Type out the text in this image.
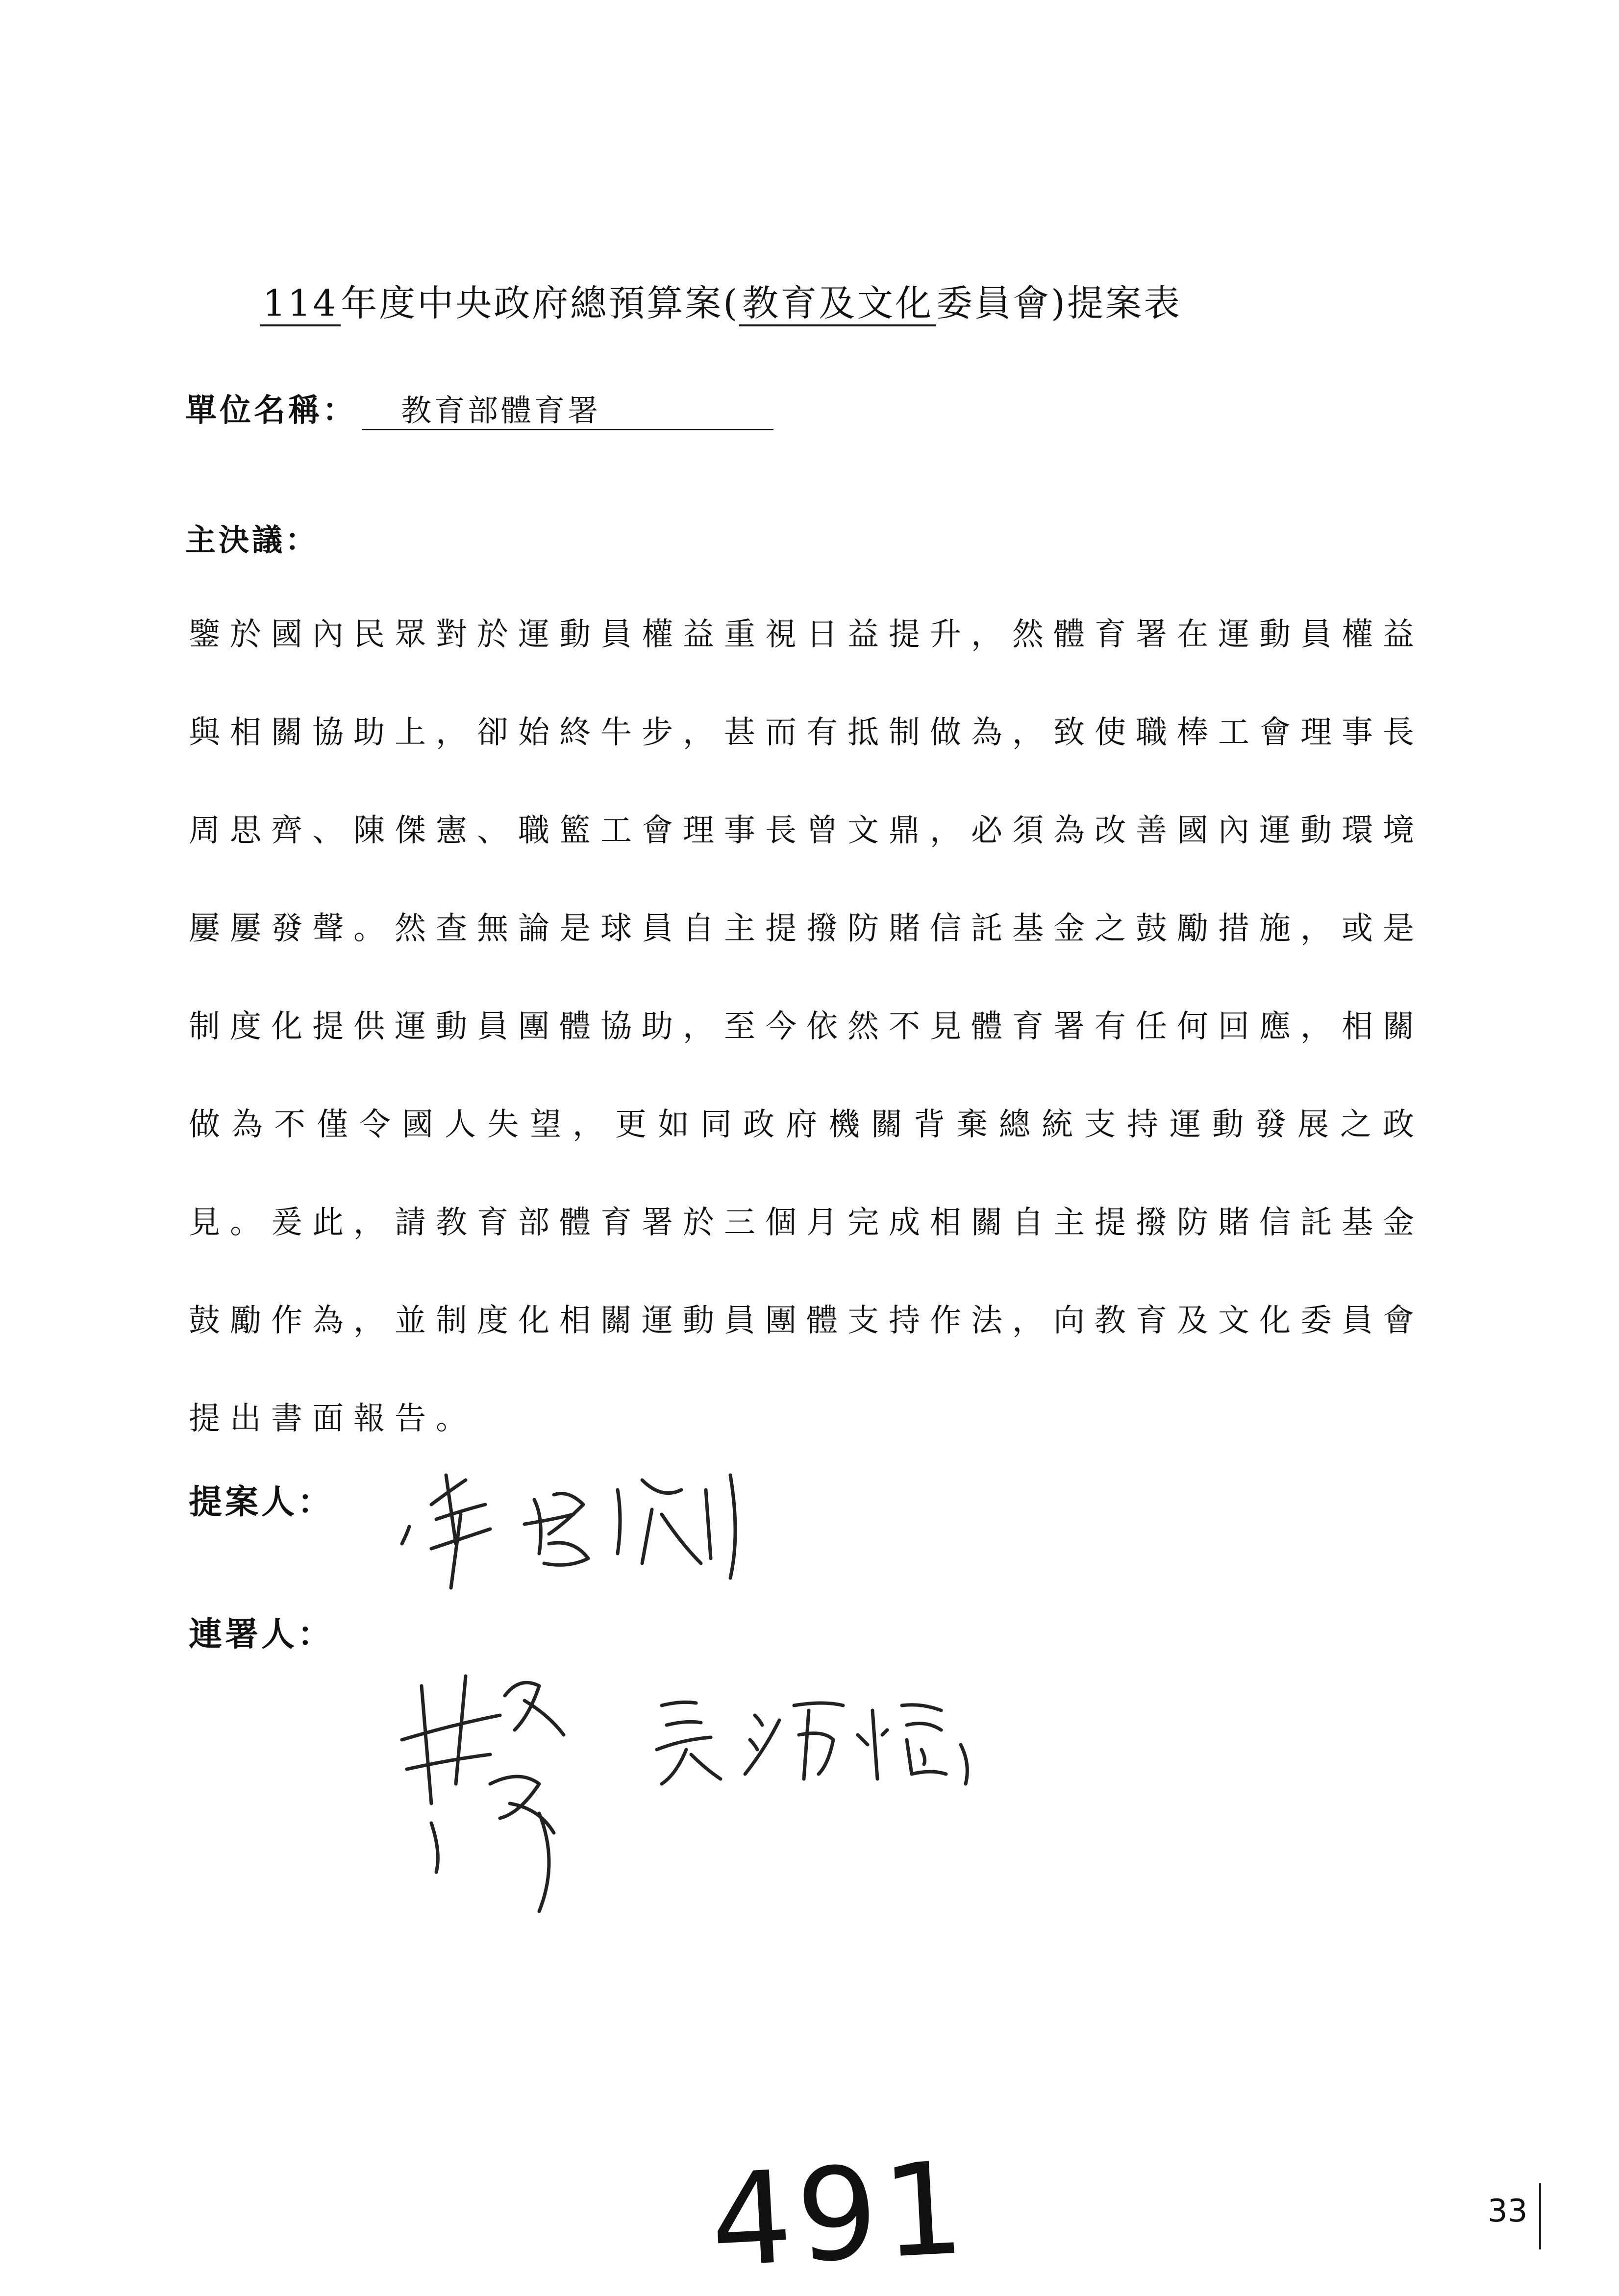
114年度中央政府總預算案(教育及文化委員會)提案表
單位名稱： 教育部體育署
主決議：

鑒於國內民眾對於運動員權益重視日益提升，然體育署在運動員權益與相關協助上，卻始終牛步，甚而有抵制做為，致使職棒工會理事長周思齊、陳傑憲、職籃工會理事長曾文鼎，必須為改善國內運動環境屢屢發聲。然查無論是球員自主提撥防賭信託基金之鼓勵措施，或是制度化提供運動員團體協助，至今依然不見體育署有任何回應，相關做為不僅令國人失望，更如同政府機關背棄總統支持運動發展之政見。爰此，請教育部體育署於三個月完成相關自主提撥防賭信託基金鼓勵作為，並制度化相關運動員團體支持作法，向教育及文化委員會提出書面報告。

提案人：
連署人：
491	33
